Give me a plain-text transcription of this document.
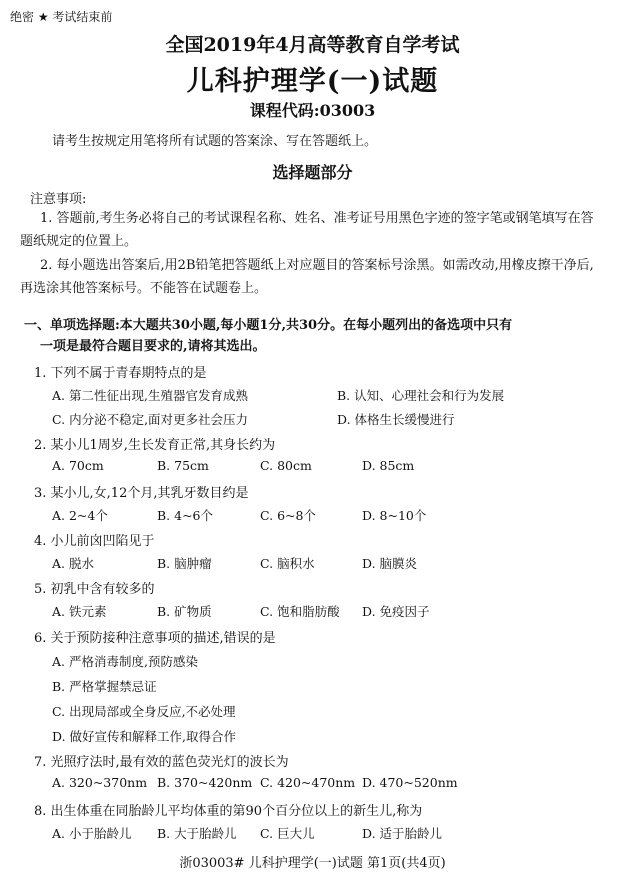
绝密 ★ 考试结束前
全国2019年4月高等教育自学考试
儿科护理学(一)试题
课程代码:03003
请考生按规定用笔将所有试题的答案涂、写在答题纸上。
选择题部分
注意事项:

1. 答题前,考生务必将自己的考试课程名称、姓名、准考证号用黑色字迹的签字笔或钢笔填写在答题纸规定的位置上。

2. 每小题选出答案后,用2B铅笔把答题纸上对应题目的答案标号涂黑。如需改动,用橡皮擦干净后,再选涂其他答案标号。不能答在试题卷上。

一、单项选择题:本大题共30小题,每小题1分,共30分。在每小题列出的备选项中只有
一项是最符合题目要求的,请将其选出。
1. 下列不属于青春期特点的是
A. 第二性征出现,生殖器官发育成熟	B. 认知、心理社会和行为发展
C. 内分泌不稳定,面对更多社会压力	D. 体格生长缓慢进行
2. 某小儿1周岁,生长发育正常,其身长约为
A. 70cm	B. 75cm	C. 80cm	D. 85cm
3. 某小儿,女,12个月,其乳牙数目约是
A. 2~4个	B. 4~6个	C. 6~8个	D. 8~10个
4. 小儿前囟凹陷见于
A. 脱水	B. 脑肿瘤	C. 脑积水	D. 脑膜炎
5. 初乳中含有较多的
A. 铁元素	B. 矿物质	C. 饱和脂肪酸 D. 免疫因子
6. 关于预防接种注意事项的描述,错误的是
A. 严格消毒制度,预防感染
B. 严格掌握禁忌证
C. 出现局部或全身反应,不必处理
D. 做好宣传和解释工作,取得合作
7. 光照疗法时,最有效的蓝色荧光灯的波长为
A. 320~370nm B. 370~420nm C. 420~470nm D. 470~520nm
8. 出生体重在同胎龄儿平均体重的第90个百分位以上的新生儿,称为
A. 小于胎龄儿 B. 大于胎龄儿 C. 巨大儿	D. 适于胎龄儿
浙03003# 儿科护理学(一)试题 第1页(共4页)
